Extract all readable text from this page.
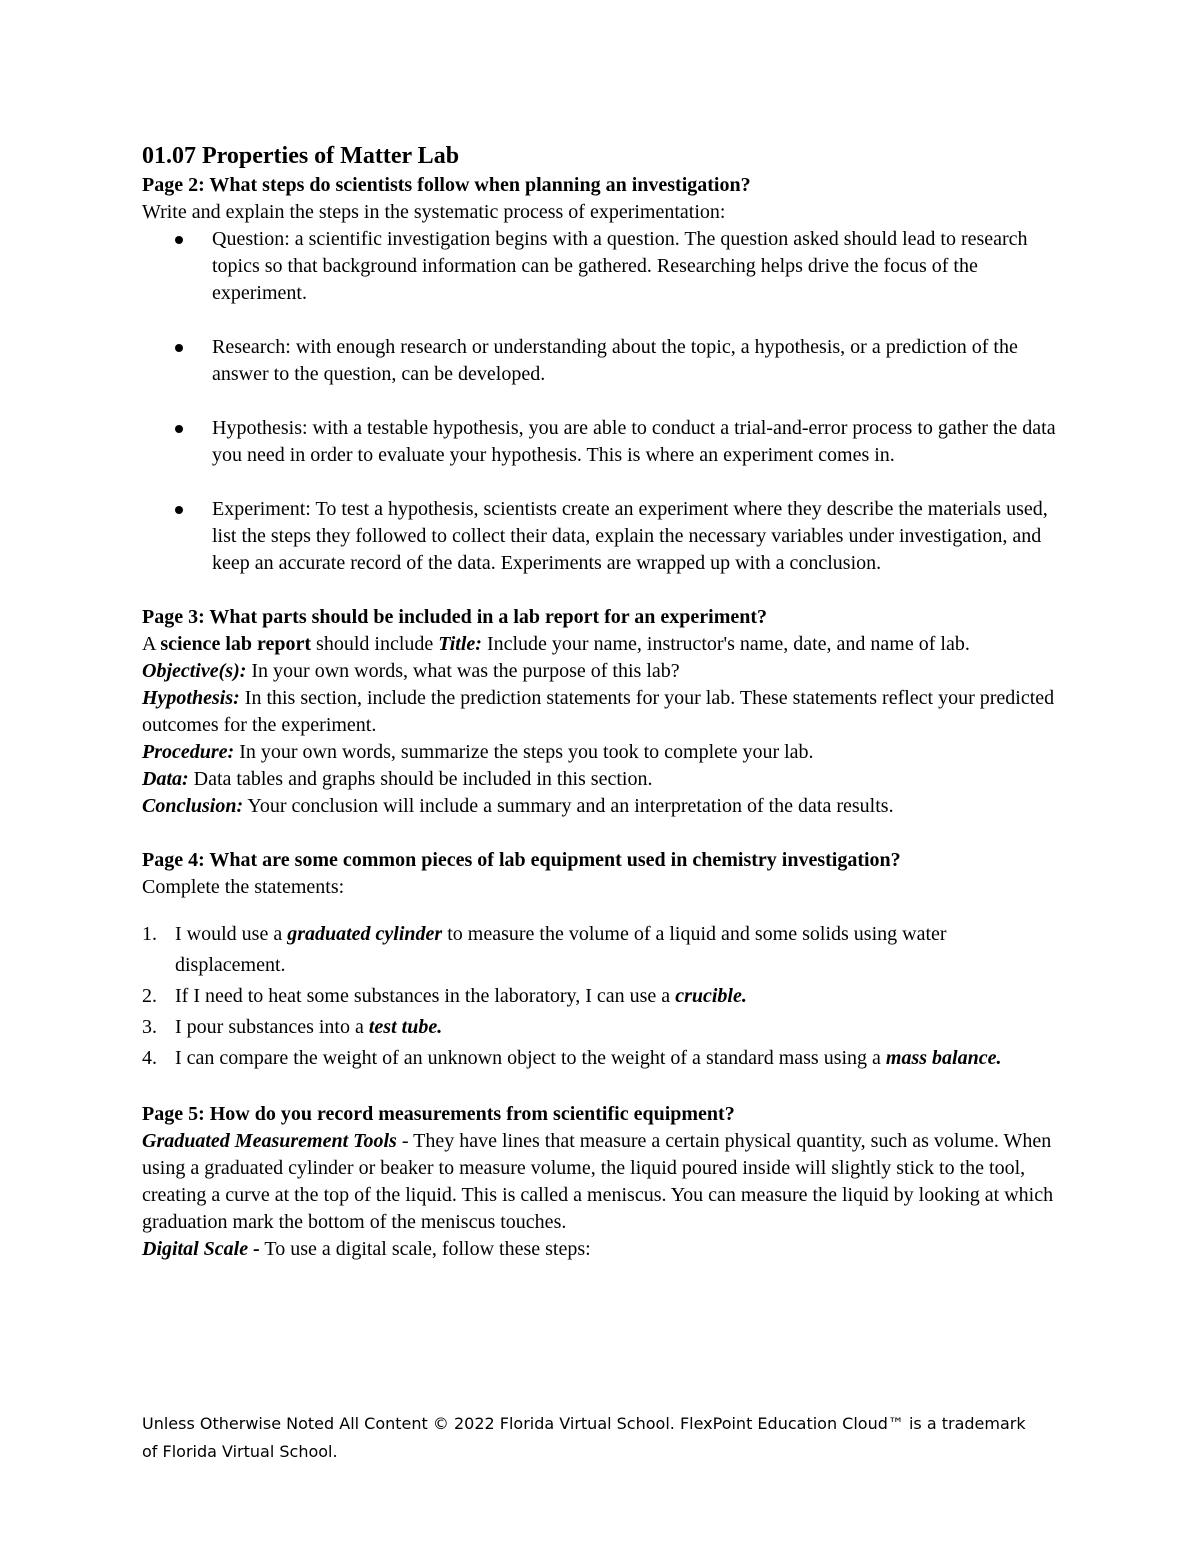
01.07 Properties of Matter Lab

Page 2: What steps do scientists follow when planning an investigation?

Write and explain the steps in the systematic process of experimentation:

Question: a scientific investigation begins with a question. The question asked should lead to research topics so that background information can be gathered. Researching helps drive the focus of the experiment.
Research: with enough research or understanding about the topic, a hypothesis, or a prediction of the answer to the question, can be developed.
Hypothesis: with a testable hypothesis, you are able to conduct a trial-and-error process to gather the data you need in order to evaluate your hypothesis. This is where an experiment comes in.
Experiment: To test a hypothesis, scientists create an experiment where they describe the materials used, list the steps they followed to collect their data, explain the necessary variables under investigation, and keep an accurate record of the data. Experiments are wrapped up with a conclusion.

Page 3: What parts should be included in a lab report for an experiment?

A science lab report should include Title: Include your name, instructor's name, date, and name of lab.

Objective(s): In your own words, what was the purpose of this lab?

Hypothesis: In this section, include the prediction statements for your lab. These statements reflect your predicted outcomes for the experiment.

Procedure: In your own words, summarize the steps you took to complete your lab.

Data: Data tables and graphs should be included in this section.

Conclusion: Your conclusion will include a summary and an interpretation of the data results.

Page 4: What are some common pieces of lab equipment used in chemistry investigation?

Complete the statements:

1. I would use a graduated cylinder to measure the volume of a liquid and some solids using water displacement.
2. If I need to heat some substances in the laboratory, I can use a crucible.
3. I pour substances into a test tube.
4. I can compare the weight of an unknown object to the weight of a standard mass using a mass balance.

Page 5: How do you record measurements from scientific equipment?

Graduated Measurement Tools - They have lines that measure a certain physical quantity, such as volume. When using a graduated cylinder or beaker to measure volume, the liquid poured inside will slightly stick to the tool, creating a curve at the top of the liquid. This is called a meniscus. You can measure the liquid by looking at which graduation mark the bottom of the meniscus touches.

Digital Scale - To use a digital scale, follow these steps:

Unless Otherwise Noted All Content © 2022 Florida Virtual School. FlexPoint Education Cloud™ is a trademark of Florida Virtual School.
